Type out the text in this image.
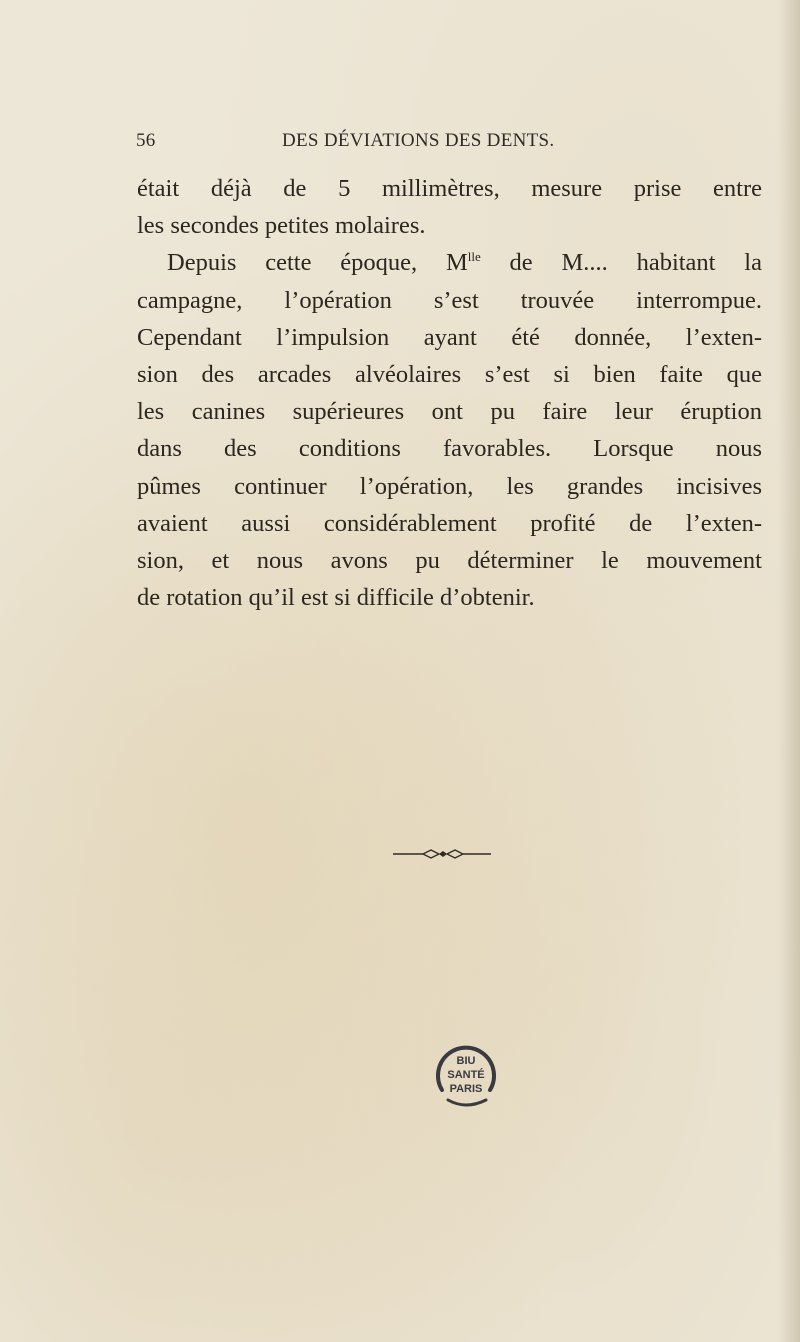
56	DES DÉVIATIONS DES DENTS.
était déjà de 5 millimètres, mesure prise entre
les secondes petites molaires.
Depuis cette époque, $M^{lle}$ de M.... habitant la
campagne, l’opération s’est trouvée interrompue.
Cependant l’impulsion ayant été donnée, l’exten-
sion des arcades alvéolaires s’est si bien faite que
les canines supérieures ont pu faire leur éruption
dans des conditions favorables. Lorsque nous
pûmes continuer l’opération, les grandes incisives
avaient aussi considérablement profité de l’exten-
sion, et nous avons pu déterminer le mouvement
de rotation qu’il est si difficile d’obtenir.
BIU
SANTÉ
PARIS
